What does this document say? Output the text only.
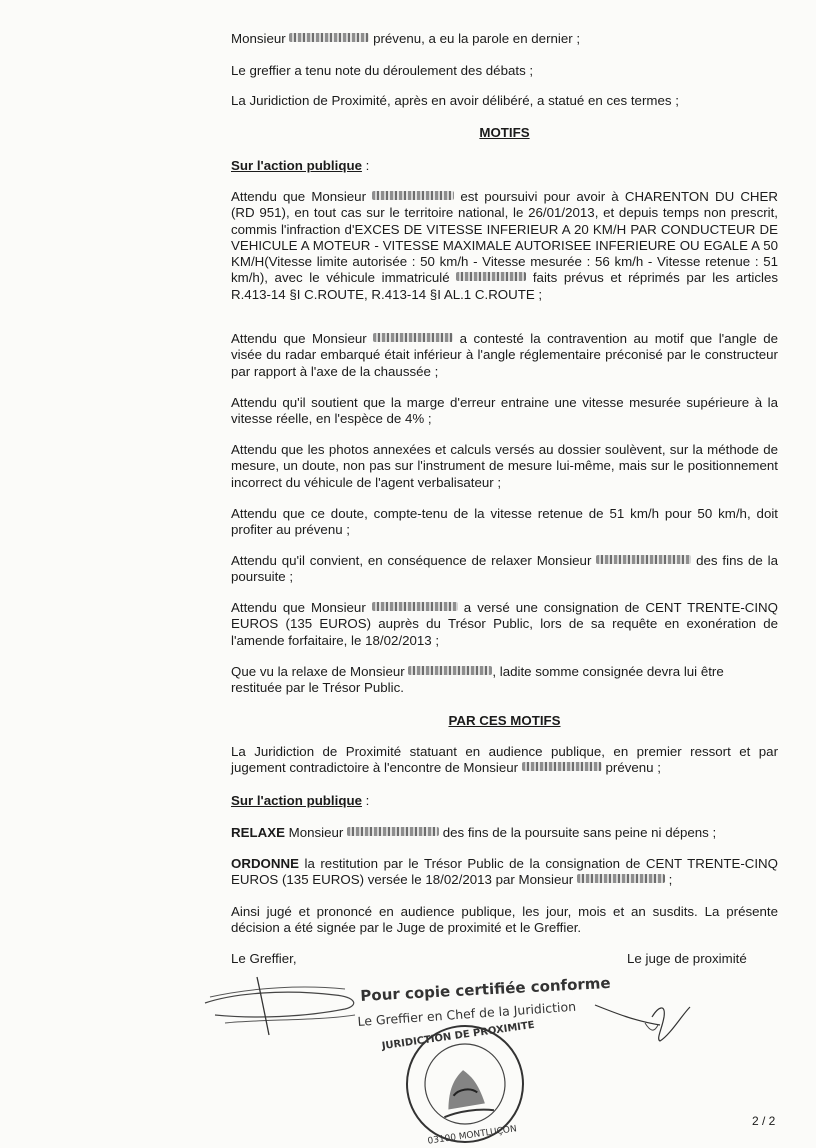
Monsieur	prévenu, a eu la parole en dernier ;

Le greffier a tenu note du déroulement des débats ;

La Juridiction de Proximité, après en avoir délibéré, a statué en ces termes ;

MOTIFS

Sur l'action publique :

Attendu que Monsieur	est poursuivi pour avoir à CHARENTON DU CHER (RD 951), en tout cas sur le territoire national, le 26/01/2013, et depuis temps non prescrit, commis l'infraction d'EXCES DE VITESSE INFERIEUR A 20 KM/H PAR CONDUCTEUR DE VEHICULE A MOTEUR - VITESSE MAXIMALE AUTORISEE INFERIEURE OU EGALE A 50 KM/H(Vitesse limite autorisée : 50 km/h - Vitesse mesurée : 56 km/h - Vitesse retenue : 51 km/h), avec le véhicule immatriculé	faits prévus et réprimés par les articles R.413-14 §I C.ROUTE, R.413-14 §I AL.1 C.ROUTE ;

Attendu que Monsieur	a contesté la contravention au motif que l'angle de visée du radar embarqué était inférieur à l'angle réglementaire préconisé par le constructeur par rapport à l'axe de la chaussée ;

Attendu qu'il soutient que la marge d'erreur entraine une vitesse mesurée supérieure à la vitesse réelle, en l'espèce de 4% ;

Attendu que les photos annexées et calculs versés au dossier soulèvent, sur la méthode de mesure, un doute, non pas sur l'instrument de mesure lui-même, mais sur le positionnement incorrect du véhicule de l'agent verbalisateur ;

Attendu que ce doute, compte-tenu de la vitesse retenue de 51 km/h pour 50 km/h, doit profiter au prévenu ;

Attendu qu'il convient, en conséquence de relaxer Monsieur	des fins de la poursuite ;

Attendu que Monsieur	a versé une consignation de CENT TRENTE-CINQ EUROS (135 EUROS) auprès du Trésor Public, lors de sa requête en exonération de l'amende forfaitaire, le 18/02/2013 ;

Que vu la relaxe de Monsieur	, ladite somme consignée devra lui être restituée par le Trésor Public.

PAR CES MOTIFS

La Juridiction de Proximité statuant en audience publique, en premier ressort et par jugement contradictoire à l'encontre de Monsieur	prévenu ;

Sur l'action publique :

RELAXE Monsieur	des fins de la poursuite sans peine ni dépens ;

ORDONNE la restitution par le Trésor Public de la consignation de CENT TRENTE-CINQ EUROS (135 EUROS) versée le 18/02/2013 par Monsieur	;

Ainsi jugé et prononcé en audience publique, les jour, mois et an susdits. La présente décision a été signée par le Juge de proximité et le Greffier.

Le Greffier,	Le juge de proximité

Pour copie certifiée conforme
Le Greffier en Chef de la Juridiction
JURIDICTION DE PROXIMITE
03100 MONTLUÇON
2 / 2
